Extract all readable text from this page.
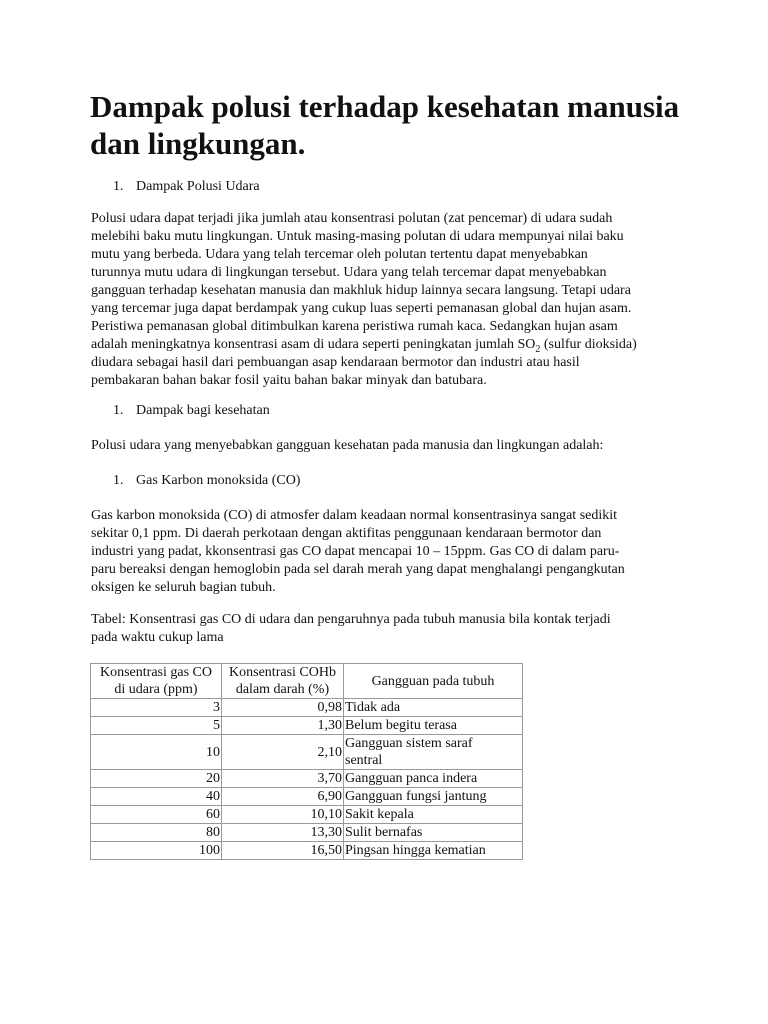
Dampak polusi terhadap kesehatan manusia
dan lingkungan.
1. Dampak Polusi Udara
Polusi udara dapat terjadi jika jumlah atau konsentrasi polutan (zat pencemar) di udara sudah
melebihi baku mutu lingkungan. Untuk masing-masing polutan di udara mempunyai nilai baku
mutu yang berbeda. Udara yang telah tercemar oleh polutan tertentu dapat menyebabkan
turunnya mutu udara di lingkungan tersebut. Udara yang telah tercemar dapat menyebabkan
gangguan terhadap kesehatan manusia dan makhluk hidup lainnya secara langsung. Tetapi udara
yang tercemar juga dapat berdampak yang cukup luas seperti pemanasan global dan hujan asam.
Peristiwa pemanasan global ditimbulkan karena peristiwa rumah kaca. Sedangkan hujan asam
adalah meningkatnya konsentrasi asam di udara seperti peningkatan jumlah $SO_2$ (sulfur dioksida)
diudara sebagai hasil dari pembuangan asap kendaraan bermotor dan industri atau hasil
pembakaran bahan bakar fosil yaitu bahan bakar minyak dan batubara.
1. Dampak bagi kesehatan

Polusi udara yang menyebabkan gangguan kesehatan pada manusia dan lingkungan adalah:

1. Gas Karbon monoksida (CO)
Gas karbon monoksida (CO) di atmosfer dalam keadaan normal konsentrasinya sangat sedikit
sekitar 0,1 ppm. Di daerah perkotaan dengan aktifitas penggunaan kendaraan bermotor dan
industri yang padat, kkonsentrasi gas CO dapat mencapai 10 – 15ppm. Gas CO di dalam paru-
paru bereaksi dengan hemoglobin pada sel darah merah yang dapat menghalangi pengangkutan
oksigen ke seluruh bagian tubuh.
Tabel: Konsentrasi gas CO di udara dan pengaruhnya pada tubuh manusia bila kontak terjadi
pada waktu cukup lama
Konsentrasi gas CO
di udara (ppm)	Konsentrasi COHb
dalam darah (%)	Gangguan pada tubuh

3	0,98	Tidak ada
5	1,30	Belum begitu terasa
10	2,10	Gangguan sistem saraf
sentral

20	3,70	Gangguan panca indera
40	6,90	Gangguan fungsi jantung
60	10,10	Sakit kepala
80	13,30	Sulit bernafas
100	16,50	Pingsan hingga kematian
